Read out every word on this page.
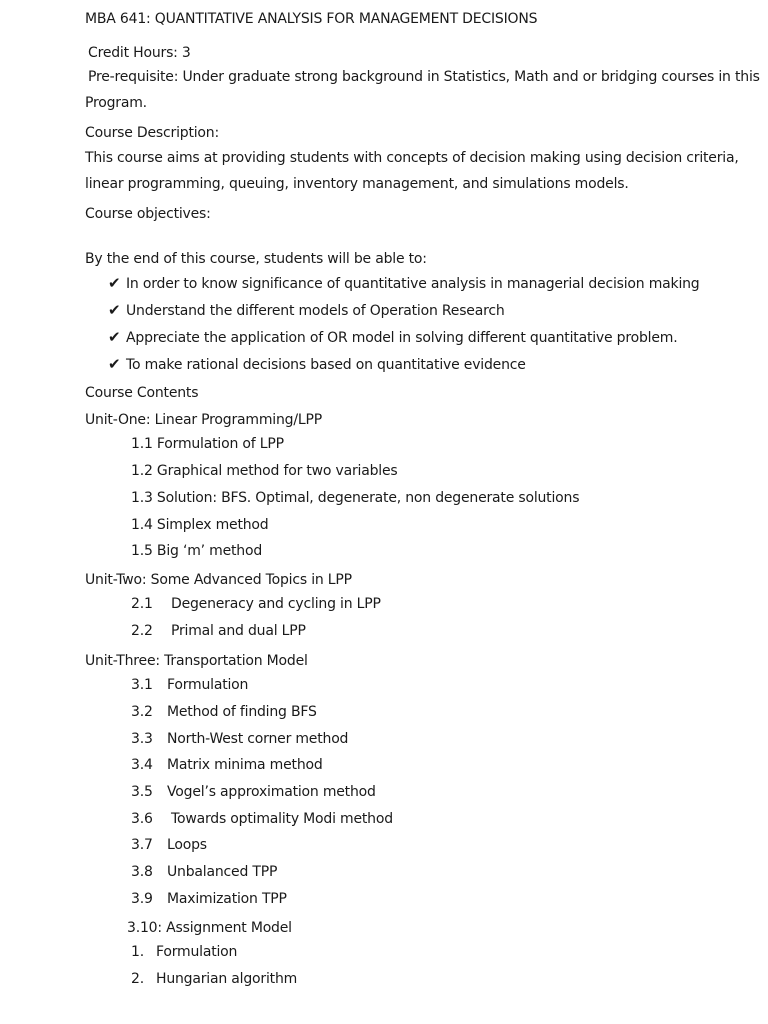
MBA 641: QUANTITATIVE ANALYSIS FOR MANAGEMENT DECISIONS
Credit Hours: 3
Pre-requisite: Under graduate strong background in Statistics, Math and or bridging courses in this
Program.
Course Description:
This course aims at providing students with concepts of decision making using decision criteria,
linear programming, queuing, inventory management, and simulations models.
Course objectives:
By the end of this course, students will be able to:
✔ In order to know significance of quantitative analysis in managerial decision making
✔ Understand the different models of Operation Research
✔ Appreciate the application of OR model in solving different quantitative problem.
✔ To make rational decisions based on quantitative evidence
Course Contents
Unit-One: Linear Programming/LPP
1.1 Formulation of LPP
1.2 Graphical method for two variables
1.3 Solution: BFS. Optimal, degenerate, non degenerate solutions
1.4 Simplex method
1.5 Big ‘m’ method
Unit-Two: Some Advanced Topics in LPP
2.1 Degeneracy and cycling in LPP
2.2 Primal and dual LPP
Unit-Three: Transportation Model
3.1 Formulation
3.2 Method of finding BFS
3.3 North-West corner method
3.4 Matrix minima method
3.5 Vogel’s approximation method
3.6 Towards optimality Modi method
3.7 Loops
3.8 Unbalanced TPP
3.9 Maximization TPP
3.10: Assignment Model
1. Formulation
2. Hungarian algorithm
